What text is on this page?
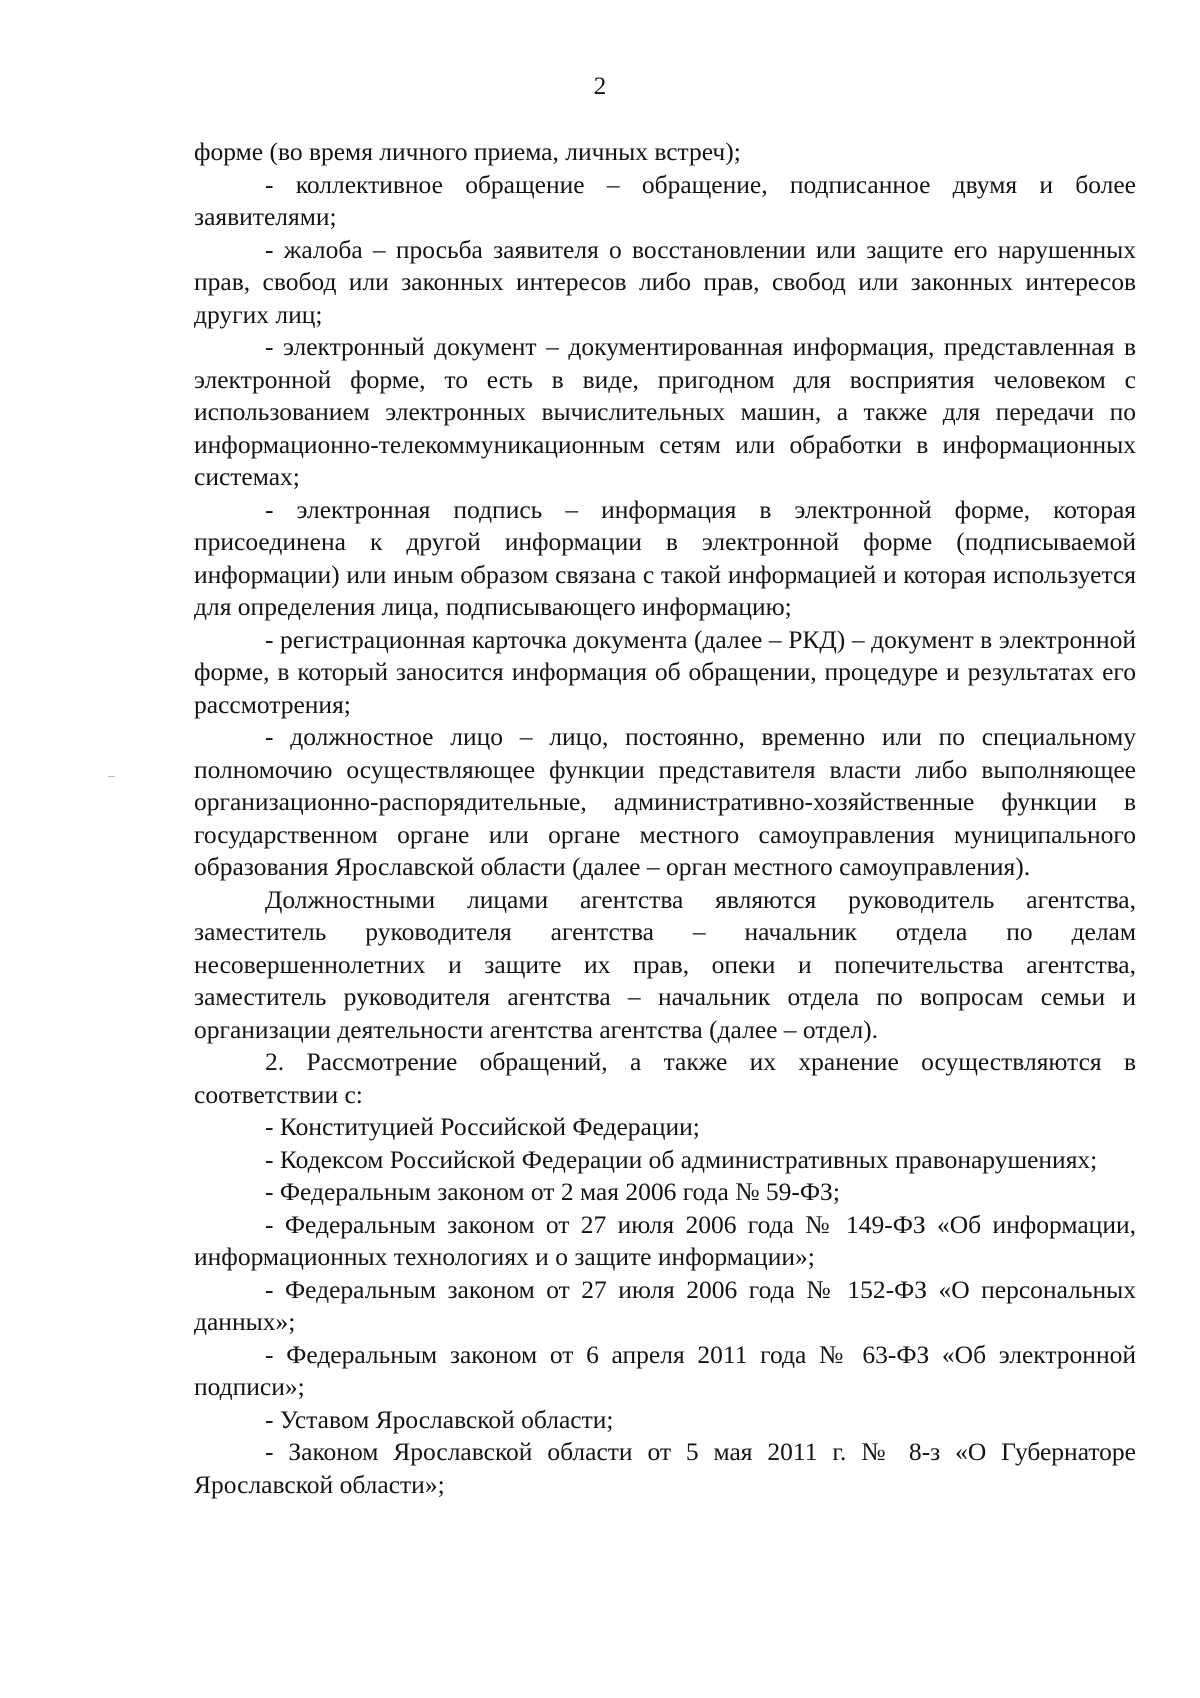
2

форме (во время личного приема, личных встреч);

- коллективное обращение – обращение, подписанное двумя и более заявителями;

- жалоба – просьба заявителя о восстановлении или защите его нарушенных прав, свобод или законных интересов либо прав, свобод или законных интересов других лиц;

- электронный документ – документированная информация, представленная в электронной форме, то есть в виде, пригодном для восприятия человеком с использованием электронных вычислительных машин, а также для передачи по информационно-телекоммуникационным сетям или обработки в информационных системах;

- электронная подпись – информация в электронной форме, которая присоединена к другой информации в электронной форме (подписываемой информации) или иным образом связана с такой информацией и которая используется для определения лица, подписывающего информацию;

- регистрационная карточка документа (далее – РКД) – документ в электронной форме, в который заносится информация об обращении, процедуре и результатах его рассмотрения;

- должностное лицо – лицо, постоянно, временно или по специальному полномочию осуществляющее функции представителя власти либо выполняющее организационно-распорядительные, административно-хозяйственные функции в государственном органе или органе местного самоуправления муниципального образования Ярославской области (далее – орган местного самоуправления).

Должностными лицами агентства являются руководитель агентства, заместитель руководителя агентства – начальник отдела по делам несовершеннолетних и защите их прав, опеки и попечительства агентства, заместитель руководителя агентства – начальник отдела по вопросам семьи и организации деятельности агентства агентства (далее – отдел).

2. Рассмотрение обращений, а также их хранение осуществляются в соответствии с:

- Конституцией Российской Федерации;

- Кодексом Российской Федерации об административных правонарушениях;

- Федеральным законом от 2 мая 2006 года № 59-ФЗ;

- Федеральным законом от 27 июля 2006 года № 149-ФЗ «Об информации, информационных технологиях и о защите информации»;

- Федеральным законом от 27 июля 2006 года № 152-ФЗ «О персональных данных»;

- Федеральным законом от 6 апреля 2011 года № 63-ФЗ «Об электронной подписи»;

- Уставом Ярославской области;

- Законом Ярославской области от 5 мая 2011 г. № 8-з «О Губернаторе Ярославской области»;
